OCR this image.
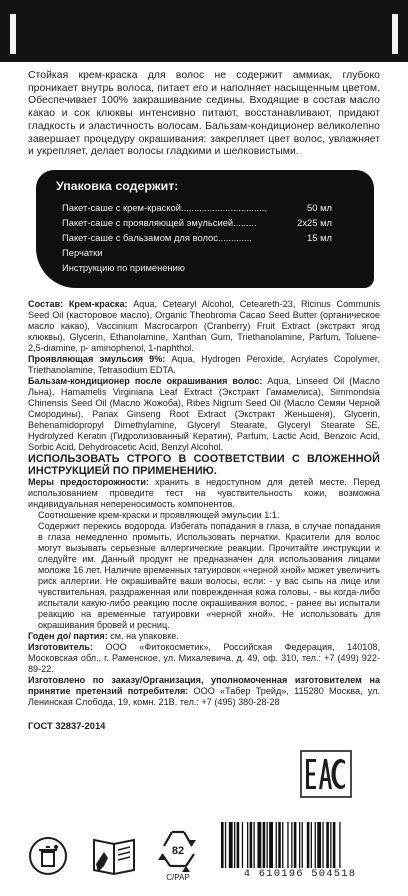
Стойкая крем-краска для волос не содержит аммиак, глубоко проникает внутрь волоса, питает его и наполняет насыщенным цветом. Обеспечивает 100% закрашивание седины. Входящие в состав масло какао и сок клюквы интенсивно питают, восстанавливают, придают гладкость и эластичность волосам. Бальзам-кондиционер великолепно завершает процедуру окрашивания: закрепляет цвет волос, увлажняет и укрепляет, делает волосы гладкими и шелковистыми.

Упаковка содержит:
Пакет-саше с крем-краской.................................	50 мл
Пакет-саше с проявляющей эмульсией.........	2x25 мл
Пакет-саше с бальзамом для волос.............	15 мл
Перчатки
Инструкцию по применению

Состав: Крем-краска: Aqua, Cetearyl Alcohol, Ceteareth-23, Ricinus Communis Seed Oil (касторовое масло), Organic Theobroma Cacao Seed Butter (органическое масло какао), Vaccinium Macrocarpon (Cranberry) Fruit Extract (экстракт ягод клюквы), Glycerin, Ethanolamine, Xanthan Gum, Triethanolamine, Parfum, Toluene-2,5-diamine, p- aminophenol, 1-naphthol.

Проявляющая эмульсия 9%: Aqua, Hydrogen Peroxide, Acrylates Copolymer, Triethanolamine, Tetrasodium EDTA.

Бальзам-кондиционер после окрашивания волос: Aqua, Linseed Oil (Масло Льна), Hamamelis Virginiana Leaf Extract (Экстракт Гамамелиса), Simmondsia Chinensis Seed Oil (Масло Жожоба), Ribes Nigrum Seed Oil (Масло Семян Черной Смородины), Panax Ginseng Root Extract (Экстракт Женьшеня), Glycerin, Behenamidopropyl Dimethylamine, Glyceryl Stearate, Glyceryl Stearate SE, Hydrolyzed Keratin (Гидролизованный Кератин), Parfum, Lactic Acid, Benzoic Acid, Sorbic Acid, Dehydroacetic Acid, Benzyl Alcohol.

ИСПОЛЬЗОВАТЬ СТРОГО В СООТВЕТСТВИИ С ВЛОЖЕННОЙ ИНСТРУКЦИЕЙ ПО ПРИМЕНЕНИЮ.

Меры предосторожности: хранить в недоступном для детей месте. Перед использованием проведите тест на чувствительность кожи, возможна индивидуальная непереносимость компонентов.

Соотношение крем-краски и проявляющей эмульсии 1:1.

Содержит перекись водорода. Избегать попадания в глаза, в случае попадания в глаза немедленно промыть. Использовать перчатки. Красители для волос могут вызывать серьезные аллергические реакции. Прочитайте инструкции и следуйте им. Данный продукт не предназначен для использования лицами моложе 16 лет. Наличие временных татуировок «черной хной» может увеличить риск аллергии. Не окрашивайте ваши волосы, если: - у вас сыпь на лице или чувствительная, раздраженная или поврежденная кожа головы, - вы когда-либо испытали какую-либо реакцию после окрашивания волос, - ранее вы испытали реакцию на временные татуировки «черной хной». Не использовать для окрашивания бровей и ресниц.

Годен до/ партия: см. на упаковке.

Изготовитель: ООО «Фитокосметик», Российская Федерация, 140108, Московская обл., г. Раменское, ул. Михалевича, д. 49, оф. 310, тел.: +7 (499) 922-89-22.

Изготовлено по заказу/Организация, уполномоченная изготовителем на принятие претензий потребителя: ООО «Табер Трейд», 115280 Москва, ул. Ленинская Слобода, 19, комн. 21В. тел.: +7 (495) 380-28-28

ГОСТ 32837-2014

82
C/PAP	4 610196 504518
